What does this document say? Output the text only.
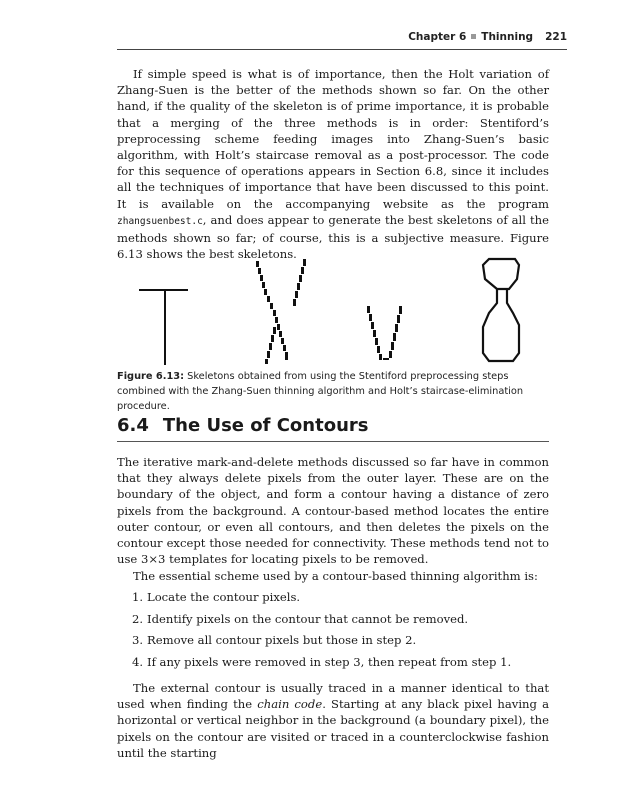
Chapter 6 Thinning 221

If simple speed is what is of importance, then the Holt variation of Zhang-Suen is the better of the methods shown so far. On the other hand, if the quality of the skeleton is of prime importance, it is probable that a merging of the three methods is in order: Stentiford’s preprocessing scheme feeding images into Zhang-Suen’s basic algorithm, with Holt’s staircase removal as a post-processor. The code for this sequence of operations appears in Section 6.8, since it includes all the techniques of importance that have been discussed to this point. It is available on the accompanying website as the program zhangsuenbest.c, and does appear to generate the best skeletons of all the methods shown so far; of course, this is a subjective measure. Figure 6.13 shows the best skeletons.

Figure 6.13: Skeletons obtained from using the Stentiford preprocessing steps combined with the Zhang-Suen thinning algorithm and Holt’s staircase-elimination procedure.

6.4 The Use of Contours

The iterative mark-and-delete methods discussed so far have in common that they always delete pixels from the outer layer. These are on the boundary of the object, and form a contour having a distance of zero pixels from the background. A contour-based method locates the entire outer contour, or even all contours, and then deletes the pixels on the contour except those needed for connectivity. These methods tend not to use 3×3 templates for locating pixels to be removed.

The essential scheme used by a contour-based thinning algorithm is:

1. Locate the contour pixels.
2. Identify pixels on the contour that cannot be removed.
3. Remove all contour pixels but those in step 2.
4. If any pixels were removed in step 3, then repeat from step 1.

The external contour is usually traced in a manner identical to that used when finding the chain code. Starting at any black pixel having a horizontal or vertical neighbor in the background (a boundary pixel), the pixels on the contour are visited or traced in a counterclockwise fashion until the starting
